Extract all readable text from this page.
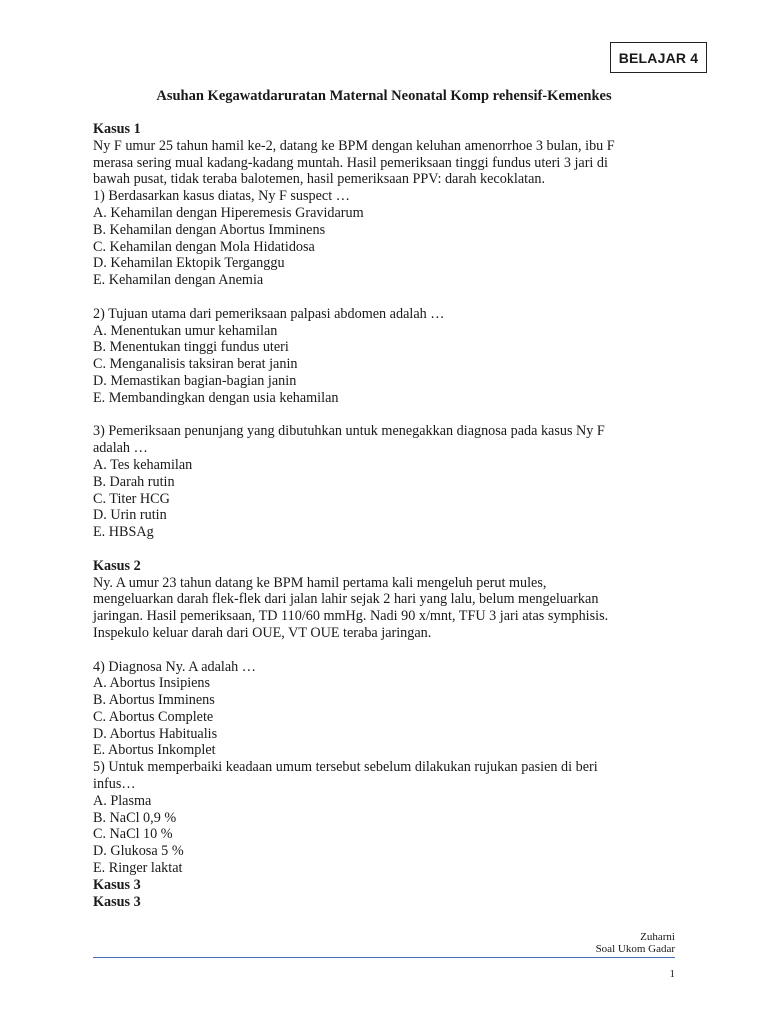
BELAJAR 4
Asuhan Kegawatdaruratan Maternal Neonatal Komp rehensif-Kemenkes
Kasus 1
Ny F umur 25 tahun hamil ke-2, datang ke BPM dengan keluhan amenorrhoe 3 bulan, ibu F
merasa sering mual kadang-kadang muntah. Hasil pemeriksaan tinggi fundus uteri 3 jari di
bawah pusat, tidak teraba balotemen, hasil pemeriksaan PPV: darah kecoklatan.
1) Berdasarkan kasus diatas, Ny F suspect …
A. Kehamilan dengan Hiperemesis Gravidarum
B. Kehamilan dengan Abortus Imminens
C. Kehamilan dengan Mola Hidatidosa
D. Kehamilan Ektopik Terganggu
E. Kehamilan dengan Anemia
2) Tujuan utama dari pemeriksaan palpasi abdomen adalah …
A. Menentukan umur kehamilan
B. Menentukan tinggi fundus uteri
C. Menganalisis taksiran berat janin
D. Memastikan bagian-bagian janin
E. Membandingkan dengan usia kehamilan
3) Pemeriksaan penunjang yang dibutuhkan untuk menegakkan diagnosa pada kasus Ny F
adalah …
A. Tes kehamilan
B. Darah rutin
C. Titer HCG
D. Urin rutin
E. HBSAg
Kasus 2
Ny. A umur 23 tahun datang ke BPM hamil pertama kali mengeluh perut mules,
mengeluarkan darah flek-flek dari jalan lahir sejak 2 hari yang lalu, belum mengeluarkan
jaringan. Hasil pemeriksaan, TD 110/60 mmHg. Nadi 90 x/mnt, TFU 3 jari atas symphisis.
Inspekulo keluar darah dari OUE, VT OUE teraba jaringan.
4) Diagnosa Ny. A adalah …
A. Abortus Insipiens
B. Abortus Imminens
C. Abortus Complete
D. Abortus Habitualis
E. Abortus Inkomplet
5) Untuk memperbaiki keadaan umum tersebut sebelum dilakukan rujukan pasien di beri
infus…
A. Plasma
B. NaCl 0,9 %
C. NaCl 10 %
D. Glukosa 5 %
E. Ringer laktat
Kasus 3
Kasus 3
Zuharni
Soal Ukom Gadar
1
